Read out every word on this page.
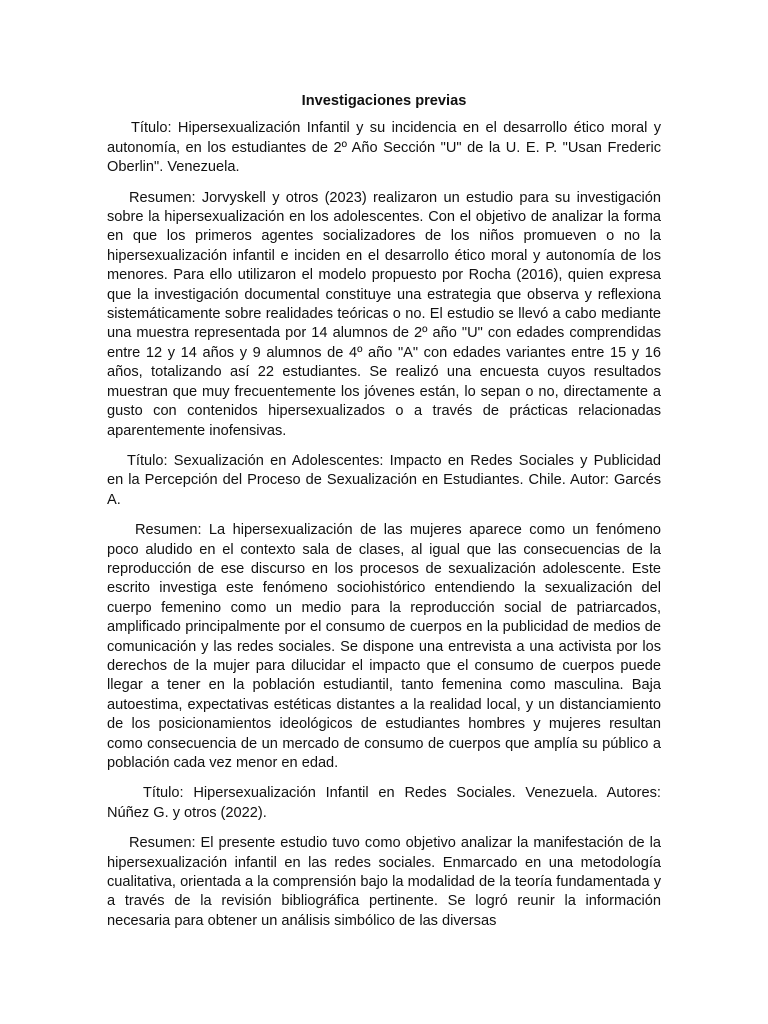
Investigaciones previas

Título: Hipersexualización Infantil y su incidencia en el desarrollo ético moral y autonomía, en los estudiantes de 2º Año Sección "U" de la U. E. P. "Usan Frederic Oberlin". Venezuela.

Resumen: Jorvyskell y otros (2023) realizaron un estudio para su investigación sobre la hipersexualización en los adolescentes. Con el objetivo de analizar la forma en que los primeros agentes socializadores de los niños promueven o no la hipersexualización infantil e inciden en el desarrollo ético moral y autonomía de los menores. Para ello utilizaron el modelo propuesto por Rocha (2016), quien expresa que la investigación documental constituye una estrategia que observa y reflexiona sistemáticamente sobre realidades teóricas o no. El estudio se llevó a cabo mediante una muestra representada por 14 alumnos de 2º año "U" con edades comprendidas entre 12 y 14 años y 9 alumnos de 4º año "A" con edades variantes entre 15 y 16 años, totalizando así 22 estudiantes. Se realizó una encuesta cuyos resultados muestran que muy frecuentemente los jóvenes están, lo sepan o no, directamente a gusto con contenidos hipersexualizados o a través de prácticas relacionadas aparentemente inofensivas.

Título: Sexualización en Adolescentes: Impacto en Redes Sociales y Publicidad en la Percepción del Proceso de Sexualización en Estudiantes. Chile. Autor: Garcés A.

Resumen: La hipersexualización de las mujeres aparece como un fenómeno poco aludido en el contexto sala de clases, al igual que las consecuencias de la reproducción de ese discurso en los procesos de sexualización adolescente. Este escrito investiga este fenómeno sociohistórico entendiendo la sexualización del cuerpo femenino como un medio para la reproducción social de patriarcados, amplificado principalmente por el consumo de cuerpos en la publicidad de medios de comunicación y las redes sociales. Se dispone una entrevista a una activista por los derechos de la mujer para dilucidar el impacto que el consumo de cuerpos puede llegar a tener en la población estudiantil, tanto femenina como masculina. Baja autoestima, expectativas estéticas distantes a la realidad local, y un distanciamiento de los posicionamientos ideológicos de estudiantes hombres y mujeres resultan como consecuencia de un mercado de consumo de cuerpos que amplía su público a población cada vez menor en edad.

Título: Hipersexualización Infantil en Redes Sociales. Venezuela. Autores: Núñez G. y otros (2022).

Resumen: El presente estudio tuvo como objetivo analizar la manifestación de la hipersexualización infantil en las redes sociales. Enmarcado en una metodología cualitativa, orientada a la comprensión bajo la modalidad de la teoría fundamentada y a través de la revisión bibliográfica pertinente. Se logró reunir la información necesaria para obtener un análisis simbólico de las diversas
